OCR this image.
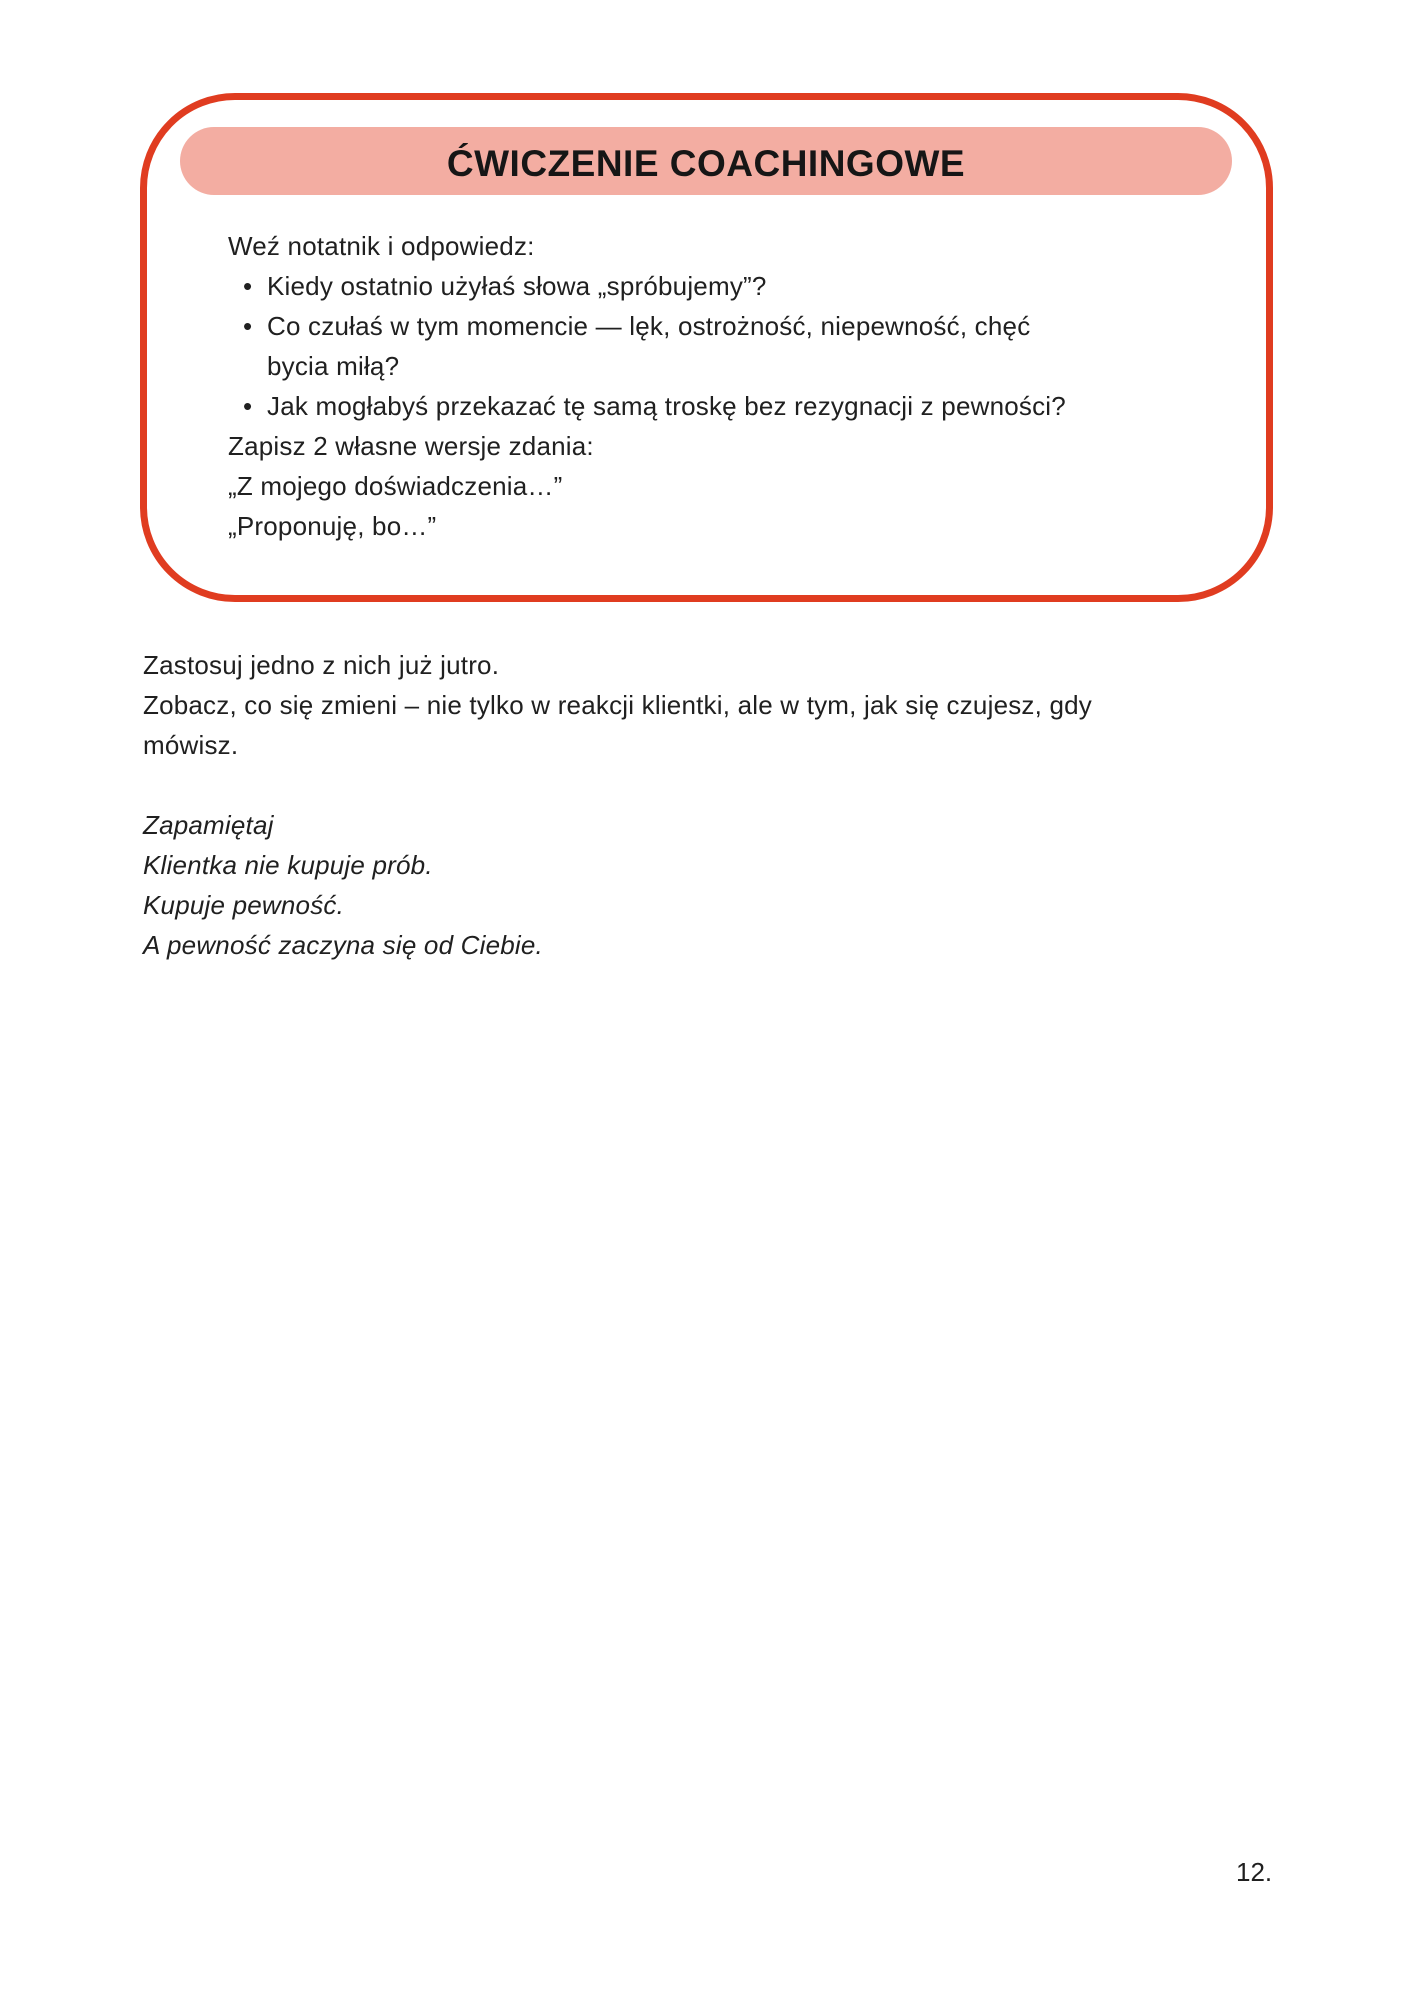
ĆWICZENIE COACHINGOWE
Weź notatnik i odpowiedz:
• Kiedy ostatnio użyłaś słowa „spróbujemy”?
• Co czułaś w tym momencie — lęk, ostrożność, niepewność, chęć
bycia miłą?
• Jak mogłabyś przekazać tę samą troskę bez rezygnacji z pewności?
Zapisz 2 własne wersje zdania:
„Z mojego doświadczenia…”
„Proponuję, bo…”
Zastosuj jedno z nich już jutro.
Zobacz, co się zmieni – nie tylko w reakcji klientki, ale w tym, jak się czujesz, gdy
mówisz.
Zapamiętaj
Klientka nie kupuje prób.
Kupuje pewność.
A pewność zaczyna się od Ciebie.
12.
